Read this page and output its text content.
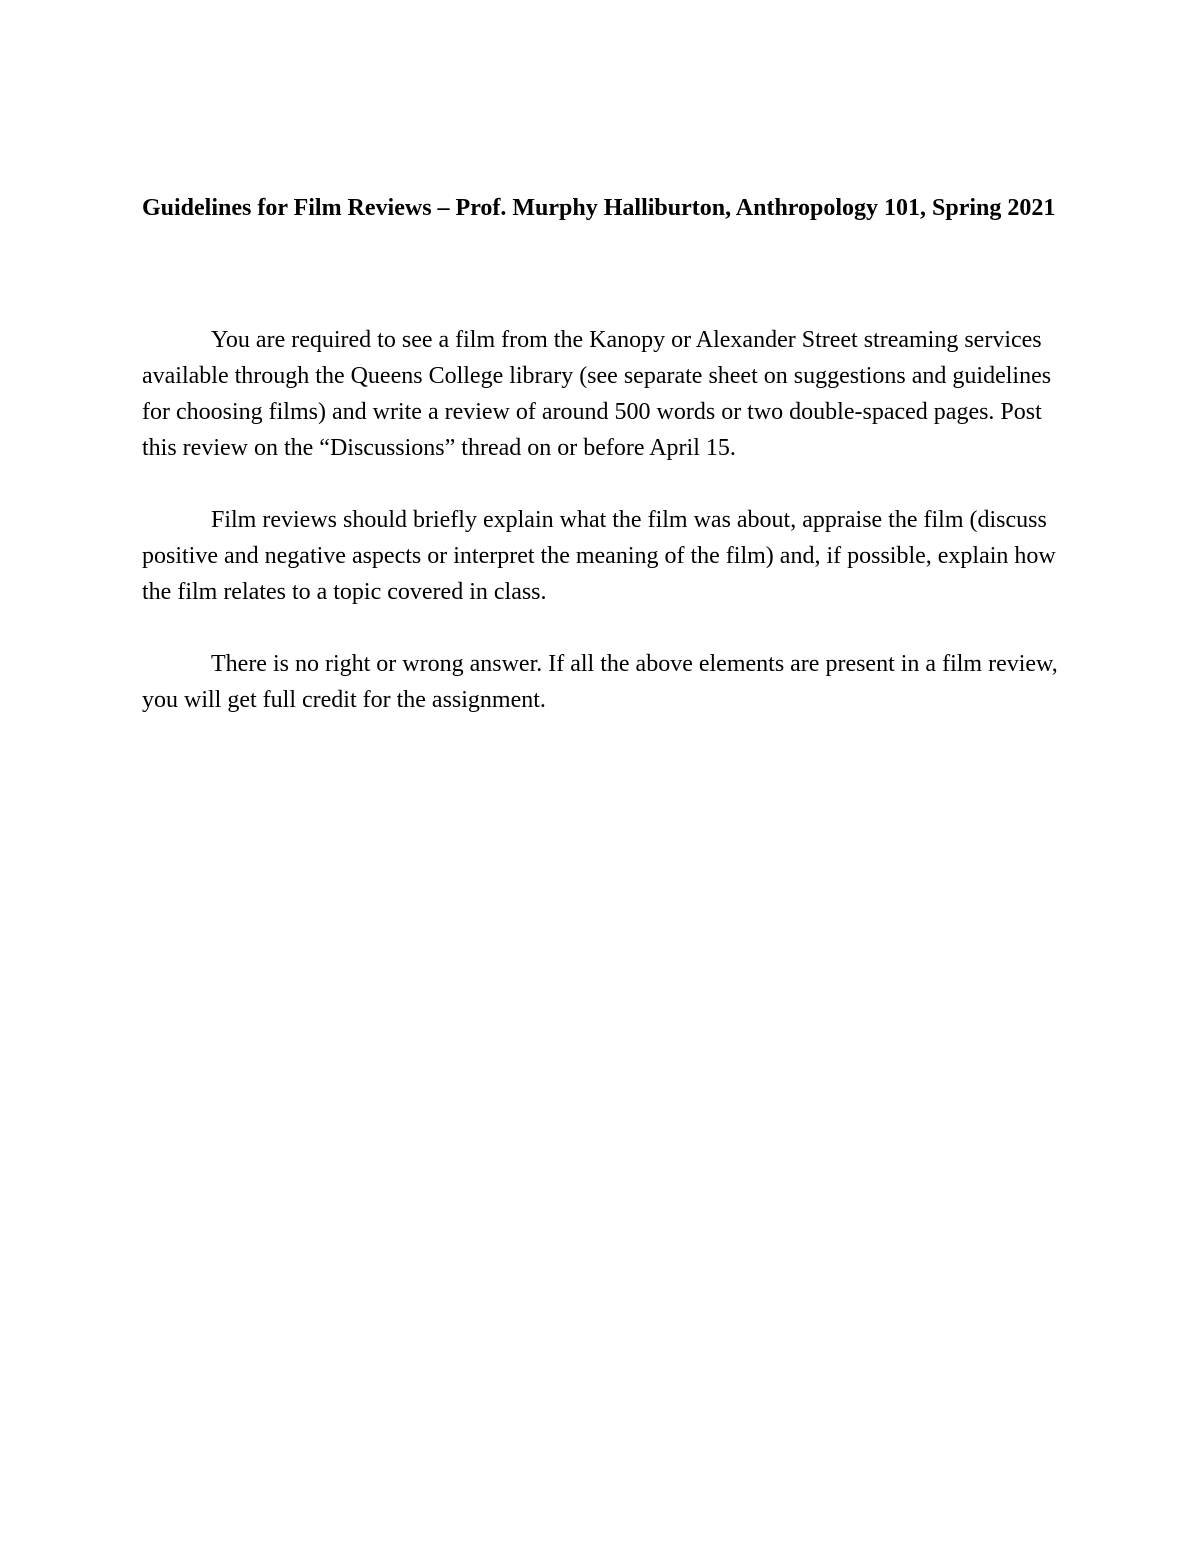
Guidelines for Film Reviews – Prof. Murphy Halliburton, Anthropology 101, Spring 2021

You are required to see a film from the Kanopy or Alexander Street streaming services available through the Queens College library (see separate sheet on suggestions and guidelines for choosing films) and write a review of around 500 words or two double-spaced pages. Post this review on the “Discussions” thread on or before April 15.

Film reviews should briefly explain what the film was about, appraise the film (discuss positive and negative aspects or interpret the meaning of the film) and, if possible, explain how the film relates to a topic covered in class.

There is no right or wrong answer. If all the above elements are present in a film review, you will get full credit for the assignment.
